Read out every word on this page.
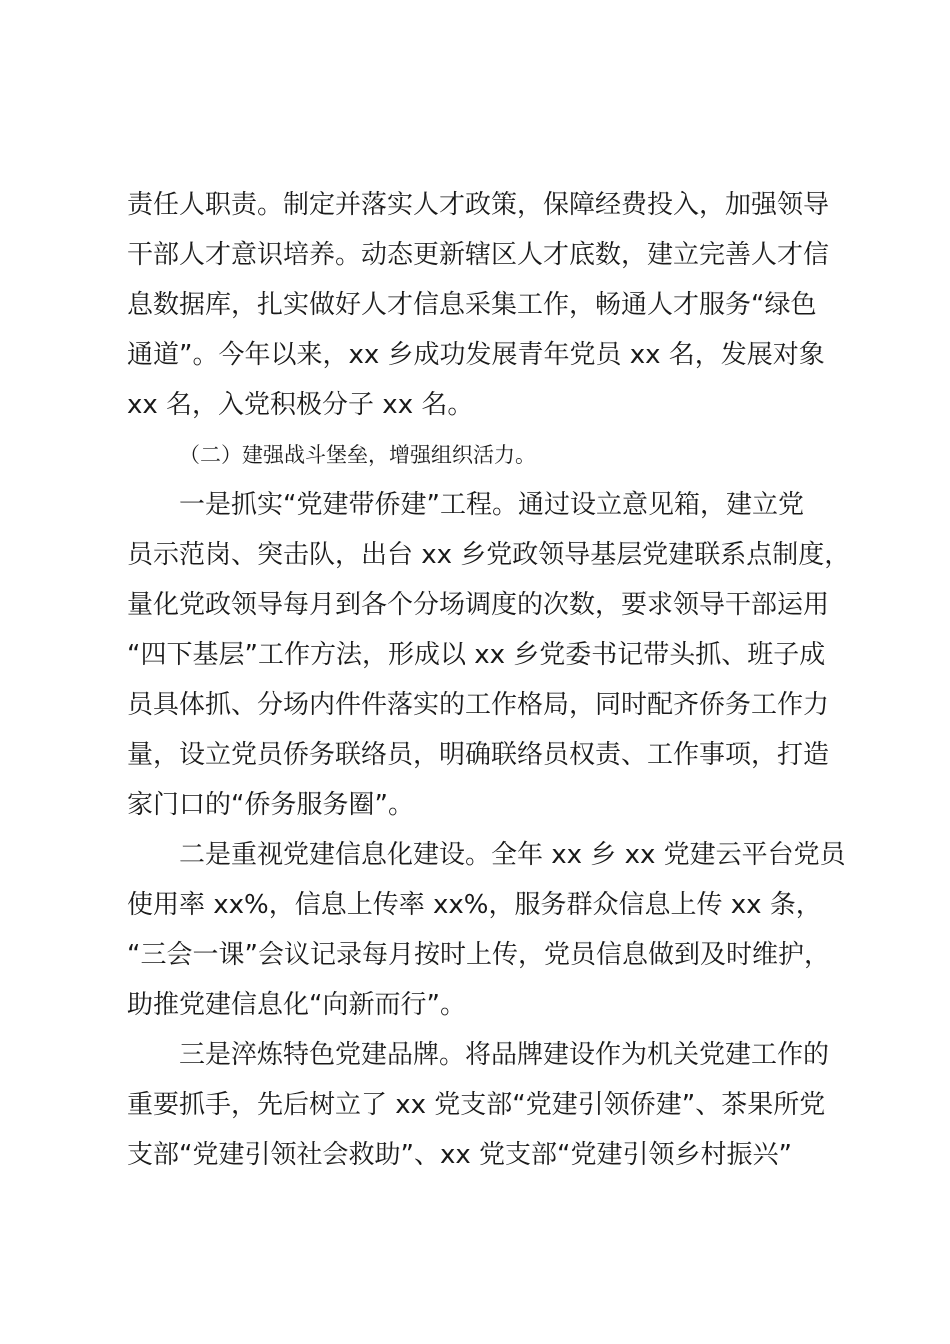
责任人职责。制定并落实人才政策，保障经费投入，加强领导
干部人才意识培养。动态更新辖区人才底数，建立完善人才信
息数据库，扎实做好人才信息采集工作，畅通人才服务“绿色
通道”。今年以来，xx 乡成功发展青年党员 xx 名，发展对象
xx 名，入党积极分子 xx 名。
（二）建强战斗堡垒，增强组织活力。
一是抓实“党建带侨建”工程。通过设立意见箱，建立党
员示范岗、突击队，出台 xx 乡党政领导基层党建联系点制度，
量化党政领导每月到各个分场调度的次数，要求领导干部运用
“四下基层”工作方法，形成以 xx 乡党委书记带头抓、班子成
员具体抓、分场内件件落实的工作格局，同时配齐侨务工作力
量，设立党员侨务联络员，明确联络员权责、工作事项，打造
家门口的“侨务服务圈”。
二是重视党建信息化建设。全年 xx 乡 xx 党建云平台党员
使用率 xx%，信息上传率 xx%，服务群众信息上传 xx 条，
“三会一课”会议记录每月按时上传，党员信息做到及时维护，
助推党建信息化“向新而行”。
三是淬炼特色党建品牌。将品牌建设作为机关党建工作的
重要抓手，先后树立了 xx 党支部“党建引领侨建”、茶果所党
支部“党建引领社会救助”、xx 党支部“党建引领乡村振兴”
